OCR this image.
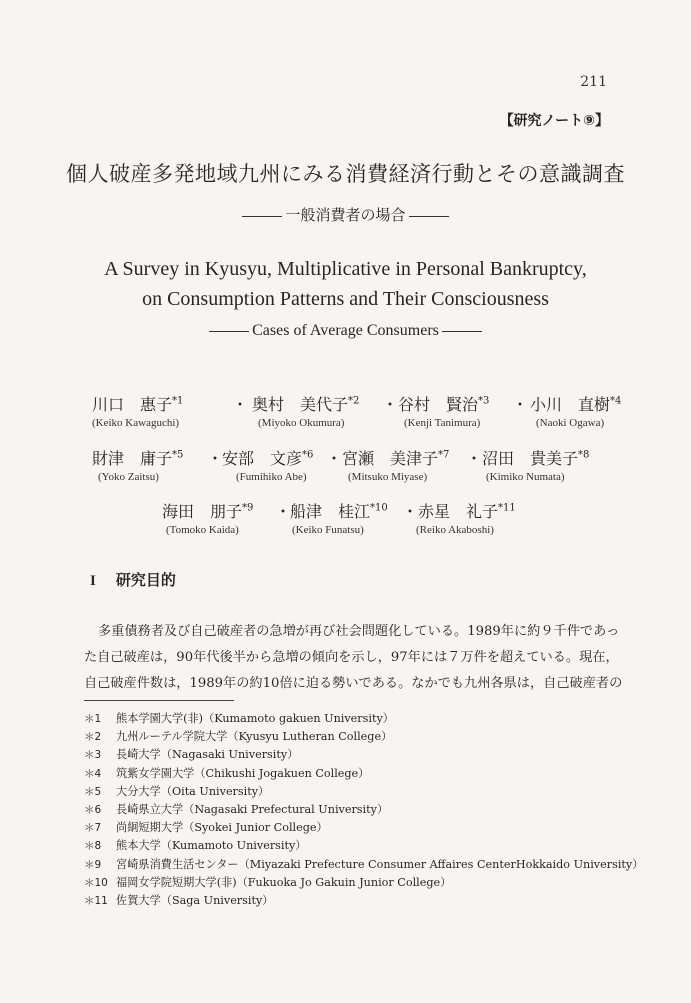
211
【研究ノート⑨】
個人破産多発地域九州にみる消費経済行動とその意識調査
一般消費者の場合
A Survey in Kyusyu, Multiplicative in Personal Bankruptcy,
on Consumption Patterns and Their Consciousness
Cases of Average Consumers
川口　惠子$^{*1}$	・ 奥村　美代子$^{*2}$ ・ 谷村　賢治$^{*3}$ ・ 小川　直樹$^{*4}$
(Keiko Kawaguchi)	(Miyoko Okumura)	(Kenji Tanimura)	(Naoki Ogawa)
財津　庸子$^{*5}$ ・
安部　文彦$^{*6}$ ・ 宮瀬　美津子$^{*7}$ ・ 沼田　貴美子$^{*8}$
(Yoko Zaitsu)	(Fumihiko Abe)	(Mitsuko Miyase)	(Kimiko Numata)
海田　朋子$^{*9}$ ・
船津　桂江$^{*10}$ ・ 赤星　礼子$^{*11}$
(Tomoko Kaida)	(Keiko Funatsu)	(Reiko Akaboshi)
I 研究目的
多重債務者及び自己破産者の急増が再び社会問題化している。1989年に約９千件であっ
た自己破産は，90年代後半から急増の傾向を示し，97年には７万件を超えている。現在，
自己破産件数は，1989年の約10倍に迫る勢いである。なかでも九州各県は，自己破産者の
＊1 熊本学園大学(非)（Kumamoto gakuen University）
＊2 九州ルーテル学院大学（Kyusyu Lutheran College）
＊3 長崎大学（Nagasaki University）
＊4 筑紫女学園大学（Chikushi Jogakuen College）
＊5 大分大学（Oita University）
＊6 長崎県立大学（Nagasaki Prefectural University）
＊7 尚絅短期大学（Syokei Junior College）
＊8 熊本大学（Kumamoto University）
＊9 宮崎県消費生活センター（Miyazaki Prefecture Consumer Affaires CenterHokkaido University）
＊10 福岡女学院短期大学(非)（Fukuoka Jo Gakuin Junior College）
＊11 佐賀大学（Saga University）
